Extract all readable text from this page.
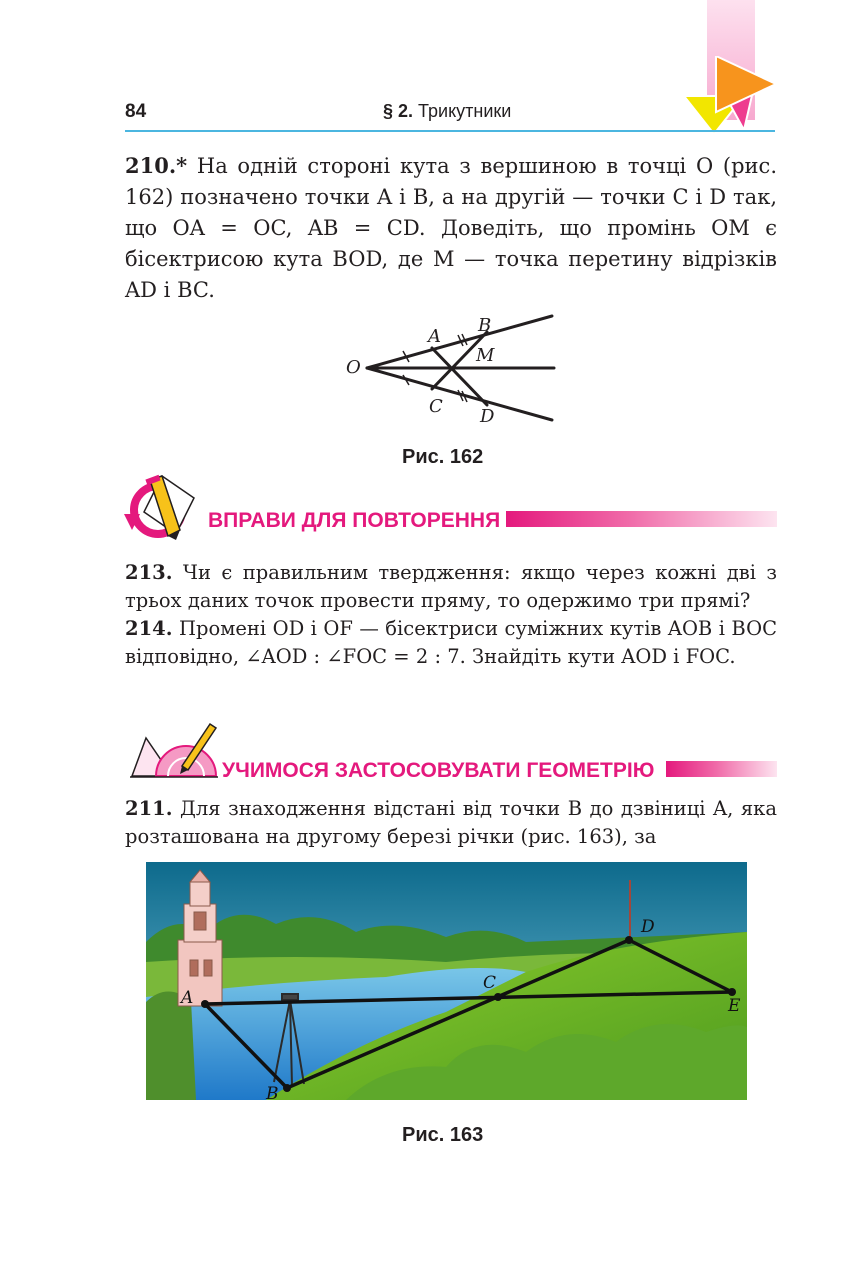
84	§ 2. Трикутники
210.* На одній стороні кута з вершиною в точці O (рис. 162) позначено точки A і B, а на другій — точки C і D так, що OA = OC, AB = CD. Доведіть, що промінь OM є бісектрисою кута BOD, де M — точка перетину відрізків AD і BC.
O
A
B
M
C D
Рис. 162
ВПРАВИ ДЛЯ ПОВТОРЕННЯ
213. Чи є правильним твердження: якщо через кожні дві з трьох даних точок провести пряму, то одержимо три прямі?
214. Промені OD і OF — бісектриси суміжних кутів AOB і BOC відповідно, ∠AOD : ∠FOC = 2 : 7. Знайдіть кути AOD і FOC.
УЧИМОСЯ ЗАСТОСОВУВАТИ ГЕОМЕТРІЮ
211. Для знаходження відстані від точки B до дзвіниці A, яка розташована на другому березі річки (рис. 163), за
A
B
C
D
E
Рис. 163
